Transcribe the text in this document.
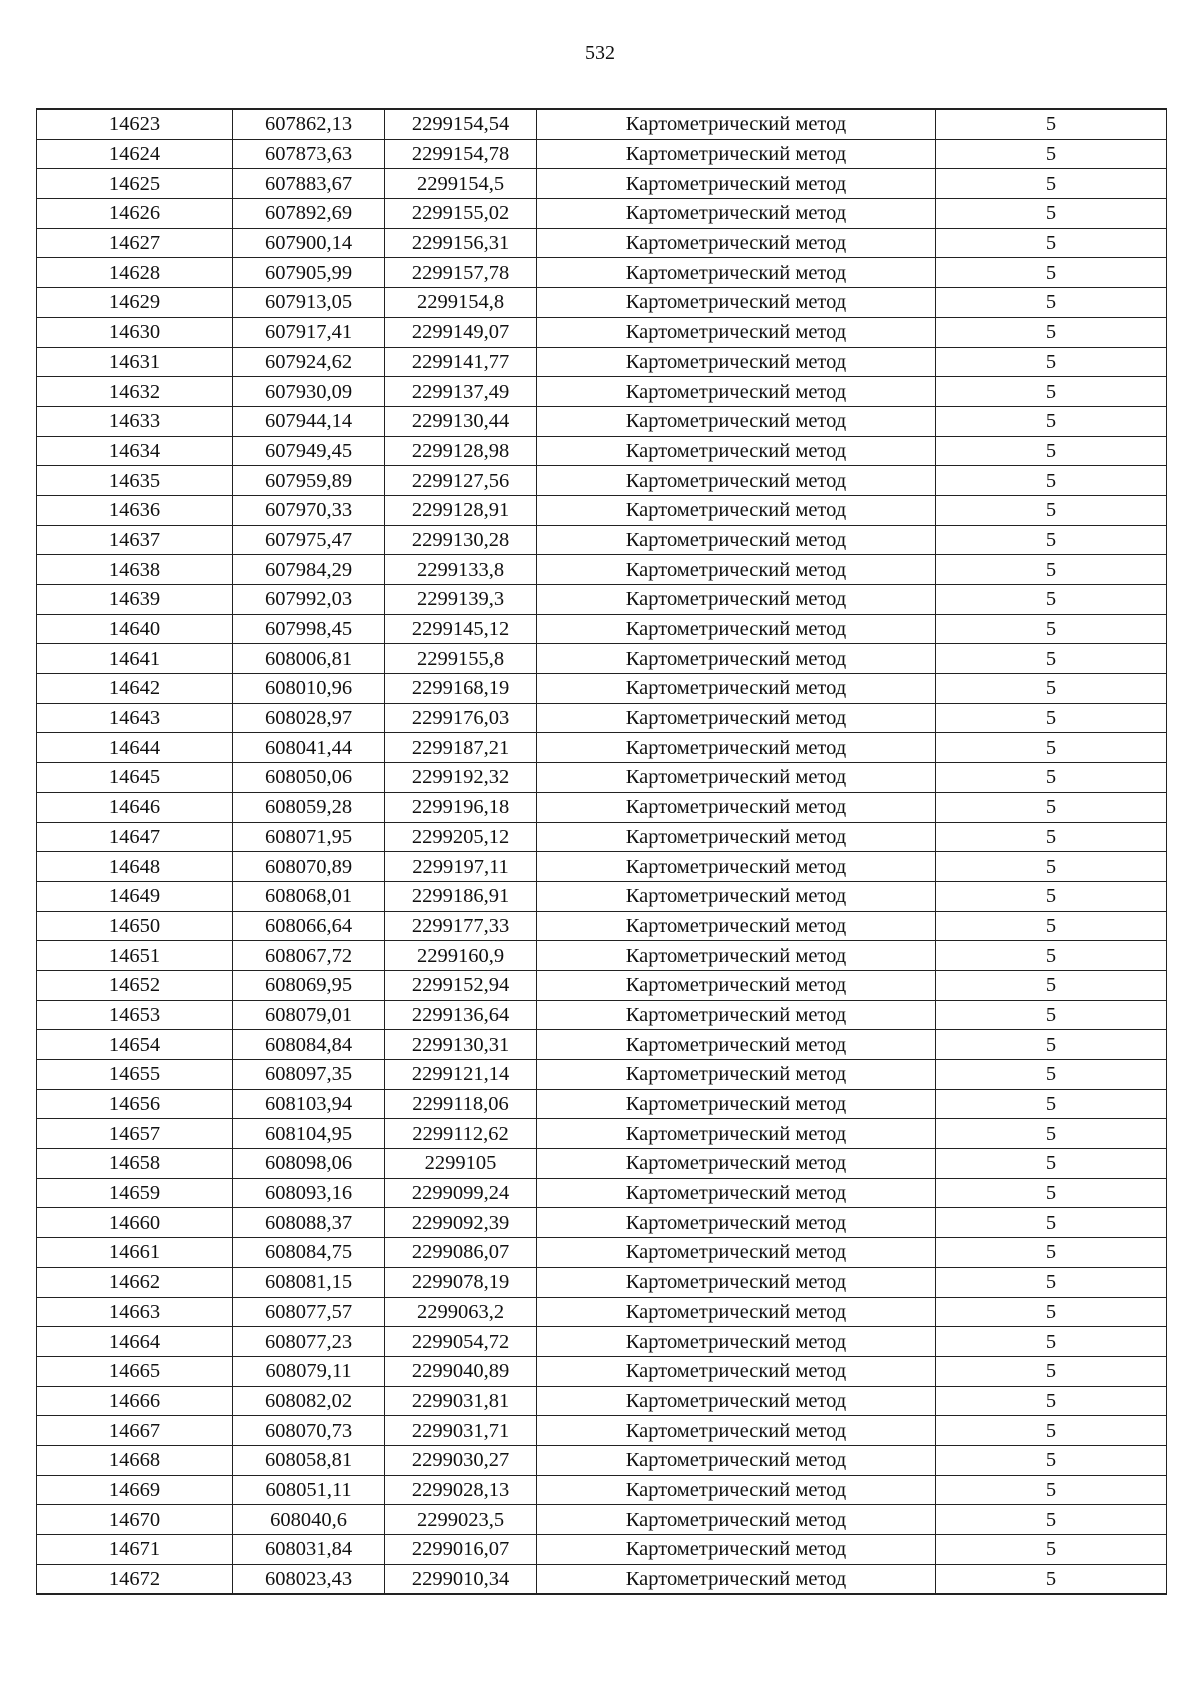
532
14623	607862,13	2299154,54	Картометрический метод	5
14624	607873,63	2299154,78	Картометрический метод	5
14625	607883,67	2299154,5	Картометрический метод	5
14626	607892,69	2299155,02	Картометрический метод	5
14627	607900,14	2299156,31	Картометрический метод	5
14628	607905,99	2299157,78	Картометрический метод	5
14629	607913,05	2299154,8	Картометрический метод	5
14630	607917,41	2299149,07	Картометрический метод	5
14631	607924,62	2299141,77	Картометрический метод	5
14632	607930,09	2299137,49	Картометрический метод	5
14633	607944,14	2299130,44	Картометрический метод	5
14634	607949,45	2299128,98	Картометрический метод	5
14635	607959,89	2299127,56	Картометрический метод	5
14636	607970,33	2299128,91	Картометрический метод	5
14637	607975,47	2299130,28	Картометрический метод	5
14638	607984,29	2299133,8	Картометрический метод	5
14639	607992,03	2299139,3	Картометрический метод	5
14640	607998,45	2299145,12	Картометрический метод	5
14641	608006,81	2299155,8	Картометрический метод	5
14642	608010,96	2299168,19	Картометрический метод	5
14643	608028,97	2299176,03	Картометрический метод	5
14644	608041,44	2299187,21	Картометрический метод	5
14645	608050,06	2299192,32	Картометрический метод	5
14646	608059,28	2299196,18	Картометрический метод	5
14647	608071,95	2299205,12	Картометрический метод	5
14648	608070,89	2299197,11	Картометрический метод	5
14649	608068,01	2299186,91	Картометрический метод	5
14650	608066,64	2299177,33	Картометрический метод	5
14651	608067,72	2299160,9	Картометрический метод	5
14652	608069,95	2299152,94	Картометрический метод	5
14653	608079,01	2299136,64	Картометрический метод	5
14654	608084,84	2299130,31	Картометрический метод	5
14655	608097,35	2299121,14	Картометрический метод	5
14656	608103,94	2299118,06	Картометрический метод	5
14657	608104,95	2299112,62	Картометрический метод	5
14658	608098,06	2299105	Картометрический метод	5
14659	608093,16	2299099,24	Картометрический метод	5
14660	608088,37	2299092,39	Картометрический метод	5
14661	608084,75	2299086,07	Картометрический метод	5
14662	608081,15	2299078,19	Картометрический метод	5
14663	608077,57	2299063,2	Картометрический метод	5
14664	608077,23	2299054,72	Картометрический метод	5
14665	608079,11	2299040,89	Картометрический метод	5
14666	608082,02	2299031,81	Картометрический метод	5
14667	608070,73	2299031,71	Картометрический метод	5
14668	608058,81	2299030,27	Картометрический метод	5
14669	608051,11	2299028,13	Картометрический метод	5
14670	608040,6	2299023,5	Картометрический метод	5
14671	608031,84	2299016,07	Картометрический метод	5
14672	608023,43	2299010,34	Картометрический метод	5
